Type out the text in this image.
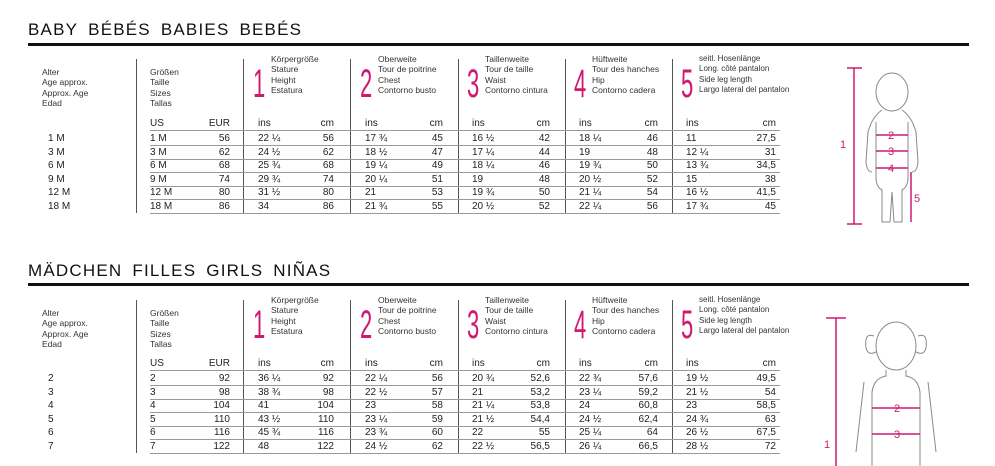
BABY BÉBÉS BABIES BEBÉS
Alter
Age approx.
Approx. Age
Edad
Größen
Taille
Sizes
Tallas 1
Körpergröße
Stature
Height
Estatura	2
Oberweite
Tour de poitrine
Chest
Contorno busto 3
Taillenweite
Tour de taille
Waist
Contorno cintura 4
Hüftweite
Tour des hanches
Hip
Contorno cadera 5
seitl. Hosenlänge
Long. côté pantalon
Side leg length
Largo lateral del pantalon
US	EUR	ins	cm	ins	cm	ins	cm	ins	cm	ins	cm
1 M	1 M	56	22 ¼	56	17 ¾	45	16 ½	42	18 ¼	46	11	27,5
3 M	3 M	62	24 ½	62	18 ½	47	17 ¼	44	19	48	12 ¼	31
6 M	6 M	68	25 ¾	68	19 ¼	49	18 ¼	46	19 ¾	50	13 ¾	34,5
9 M	9 M	74	29 ¾	74	20 ¼	51	19	48	20 ½	52	15	38
12 M	12 M	80	31 ½	80	21	53	19 ¾	50	21 ¼	54	16 ½	41,5
18 M	18 M	86	34	86	21 ¾	55	20 ½	52	22 ¼	56	17 ¾	45
MÄDCHEN FILLES GIRLS NIÑAS
Alter
Age approx.
Approx. Age
Edad
Größen
Taille
Sizes
Tallas 1
Körpergröße
Stature
Height
Estatura	2
Oberweite
Tour de poitrine
Chest
Contorno busto 3
Taillenweite
Tour de taille
Waist
Contorno cintura 4
Hüftweite
Tour des hanches
Hip
Contorno cadera 5
seitl. Hosenlänge
Long. côté pantalon
Side leg length
Largo lateral del pantalon
US	EUR	ins	cm	ins	cm	ins	cm	ins	cm	ins	cm
2	2	92	36 ¼	92	22 ¼	56	20 ¾	52,6	22 ¾	57,6	19 ½	49,5
3	3	98	38 ¾	98	22 ½	57	21	53,2	23 ¼	59,2	21 ½	54
4	4	104	41	104	23	58	21 ¼	53,8	24	60,8	23	58,5
5	5	110	43 ½	110	23 ¼	59	21 ½	54,4	24 ½	62,4	24 ¾	63
6	6	116	45 ¾	116	23 ¾	60	22	55	25 ¼	64	26 ½	67,5
7	7	122	48	122	24 ½	62	22 ½	56,5	26 ¼	66,5	28 ½	72
1
2
3
4
5
1
2
3
